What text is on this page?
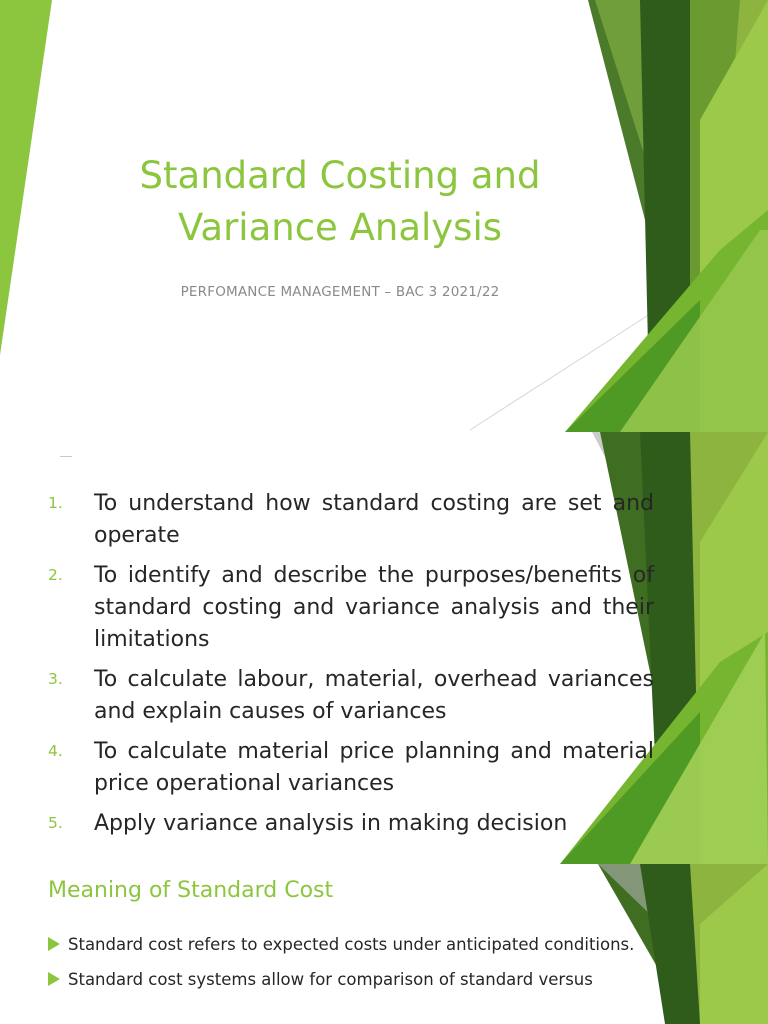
Standard Costing and
Variance Analysis
PERFOMANCE MANAGEMENT – BAC 3 2021/22
1.	To understand how standard costing are set and operate
2.	To identify and describe the purposes/benefits of standard costing and variance analysis and their limitations
3.	To calculate labour, material, overhead variances and explain causes of variances
4.	To calculate material price planning and material price operational variances
5.	Apply variance analysis in making decision
Meaning of Standard Cost
Standard cost refers to expected costs under anticipated conditions.
Standard cost systems allow for comparison of standard versus
